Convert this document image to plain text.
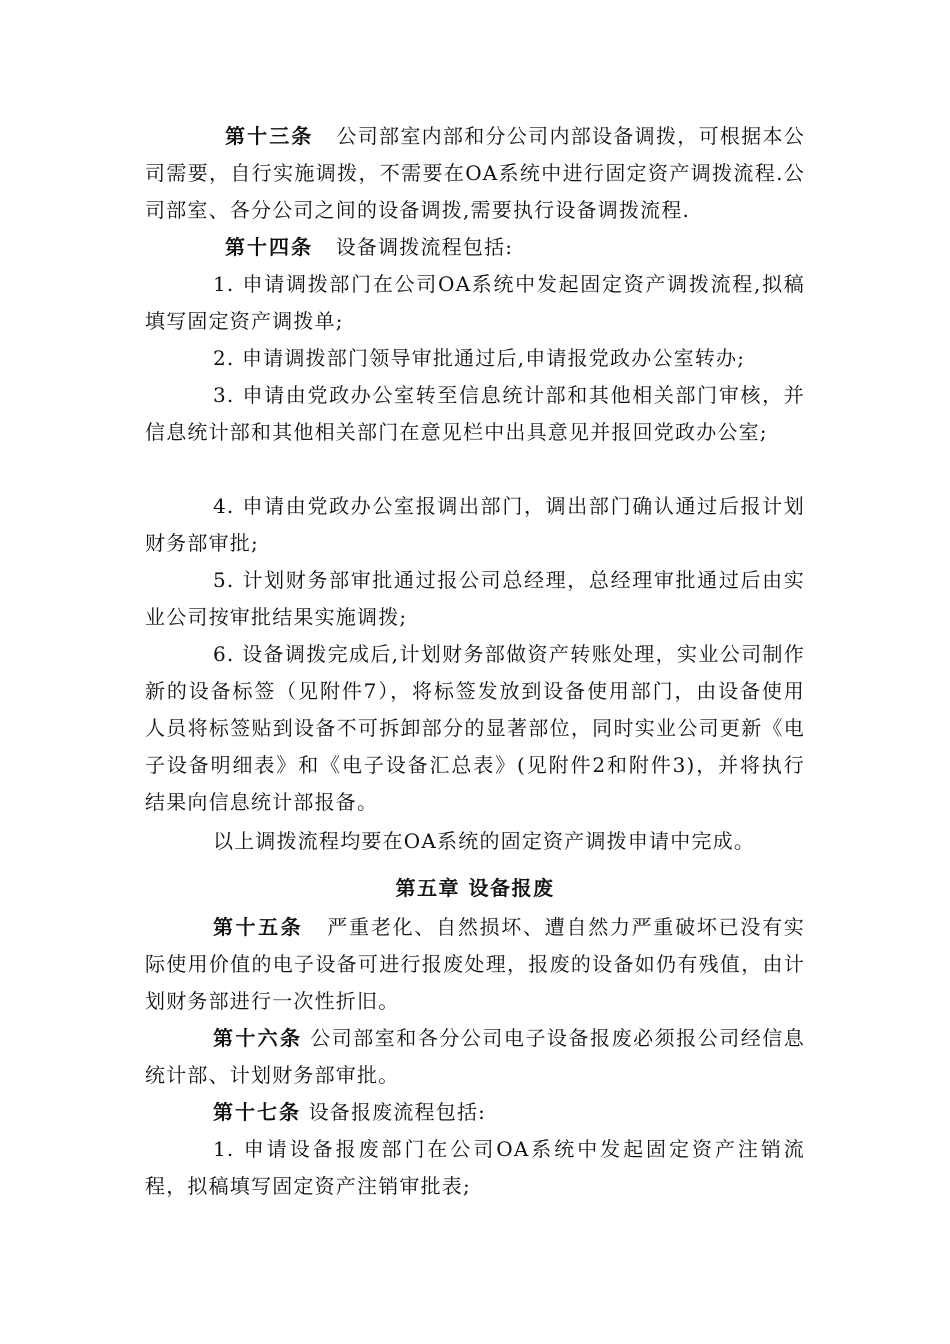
第十三条 公司部室内部和分公司内部设备调拨，可根据本公司需要，自行实施调拨，不需要在OA系统中进行固定资产调拨流程.公司部室、各分公司之间的设备调拨,需要执行设备调拨流程.

第十四条 设备调拨流程包括:

1. 申请调拨部门在公司OA系统中发起固定资产调拨流程,拟稿填写固定资产调拨单;

2. 申请调拨部门领导审批通过后,申请报党政办公室转办;

3. 申请由党政办公室转至信息统计部和其他相关部门审核，并信息统计部和其他相关部门在意见栏中出具意见并报回党政办公室;

4. 申请由党政办公室报调出部门，调出部门确认通过后报计划财务部审批;

5. 计划财务部审批通过报公司总经理，总经理审批通过后由实业公司按审批结果实施调拨;

6. 设备调拨完成后,计划财务部做资产转账处理，实业公司制作新的设备标签（见附件7），将标签发放到设备使用部门，由设备使用人员将标签贴到设备不可拆卸部分的显著部位，同时实业公司更新《电子设备明细表》和《电子设备汇总表》(见附件2和附件3)，并将执行结果向信息统计部报备。

以上调拨流程均要在OA系统的固定资产调拨申请中完成。

第五章 设备报废

第十五条 严重老化、自然损坏、遭自然力严重破坏已没有实际使用价值的电子设备可进行报废处理，报废的设备如仍有残值，由计划财务部进行一次性折旧。

第十六条 公司部室和各分公司电子设备报废必须报公司经信息统计部、计划财务部审批。

第十七条 设备报废流程包括:

1. 申请设备报废部门在公司OA系统中发起固定资产注销流程，拟稿填写固定资产注销审批表;
